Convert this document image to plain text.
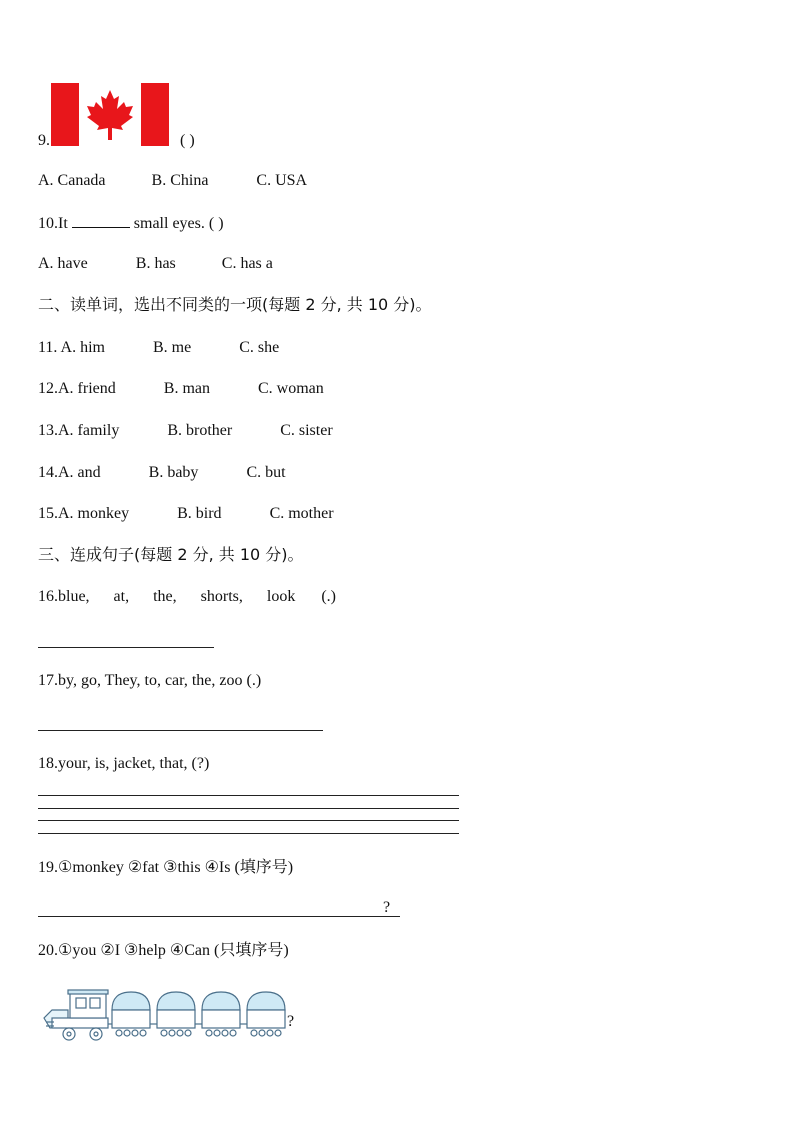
9.	( )
A. Canada	B. China	C. USA
10.It	small eyes. ( )
A. have	B. has	C. has a
二、读单词，选出不同类的一项(每题 2 分, 共 10 分)。
11. A. him	B. me	C. she
12.A. friend	B. man	C. woman
13.A. family	B. brother	C. sister
14.A. and	B. baby	C. but
15.A. monkey	B. bird	C. mother
三、连成句子(每题 2 分, 共 10 分)。
16.blue, at, the, shorts, look (.)
17.by, go, They, to, car, the, zoo (.)
18.your, is, jacket, that, (?)
19.①monkey ②fat ③this ④Is (填序号)
?
20.①you ②I ③help ④Can (只填序号)
?
